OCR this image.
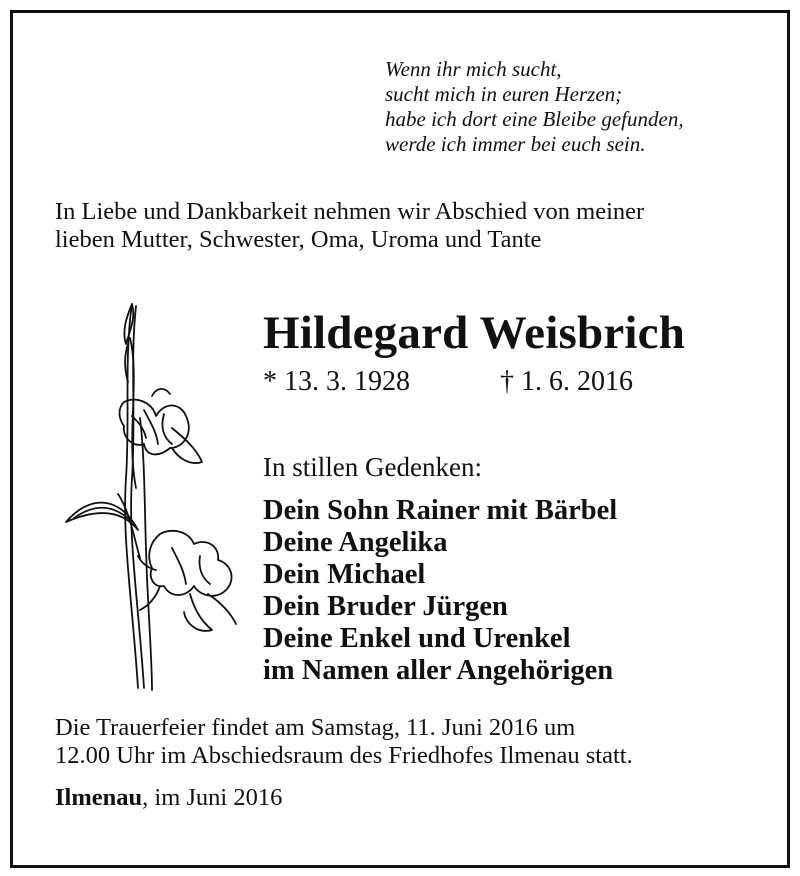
Wenn ihr mich sucht,
sucht mich in euren Herzen;
habe ich dort eine Bleibe gefunden,
werde ich immer bei euch sein.
In Liebe und Dankbarkeit nehmen wir Abschied von meiner
lieben Mutter, Schwester, Oma, Uroma und Tante
Hildegard Weisbrich
* 13. 3. 1928	† 1. 6. 2016
In stillen Gedenken:
Dein Sohn Rainer mit Bärbel
Deine Angelika
Dein Michael
Dein Bruder Jürgen
Deine Enkel und Urenkel
im Namen aller Angehörigen
Die Trauerfeier findet am Samstag, 11. Juni 2016 um
12.00 Uhr im Abschiedsraum des Friedhofes Ilmenau statt.
Ilmenau, im Juni 2016
